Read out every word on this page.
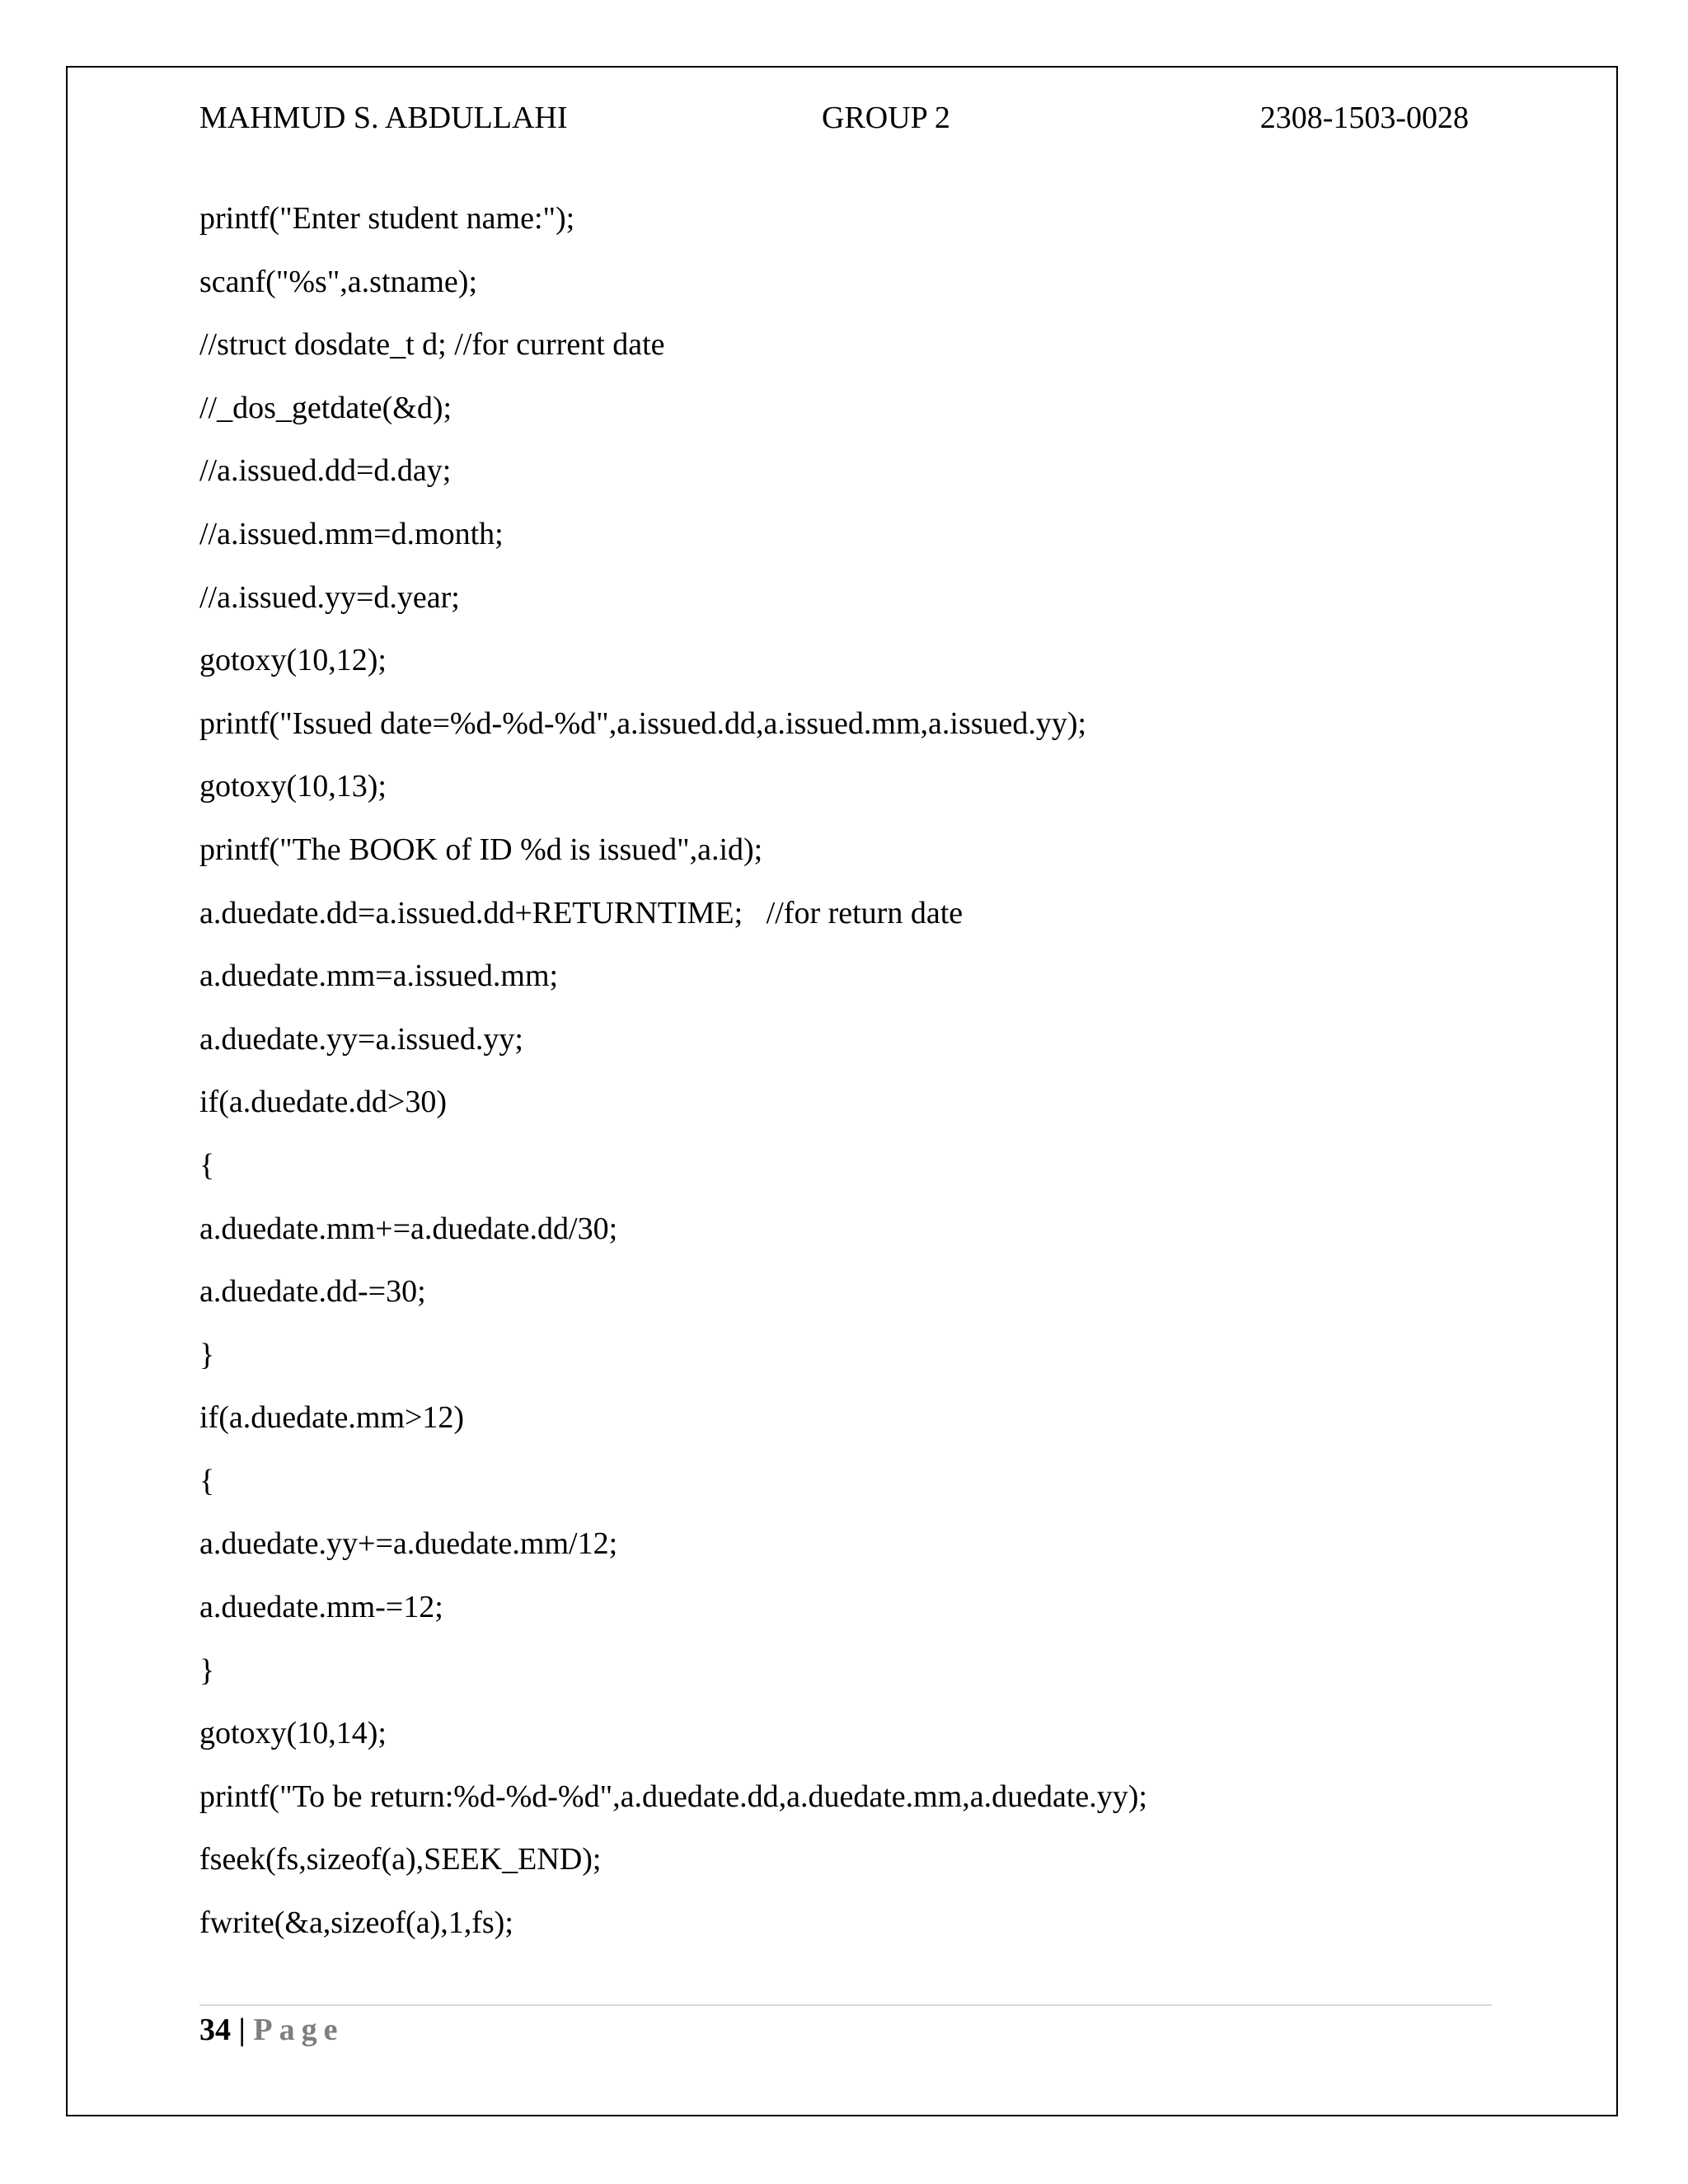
MAHMUD S. ABDULLAHI	GROUP 2	2308-1503-0028
printf("Enter student name:");
scanf("%s",a.stname);
//struct dosdate_t d; //for current date
//_dos_getdate(&d);
//a.issued.dd=d.day;
//a.issued.mm=d.month;
//a.issued.yy=d.year;
gotoxy(10,12);
printf("Issued date=%d-%d-%d",a.issued.dd,a.issued.mm,a.issued.yy);
gotoxy(10,13);
printf("The BOOK of ID %d is issued",a.id);
a.duedate.dd=a.issued.dd+RETURNTIME;   //for return date
a.duedate.mm=a.issued.mm;
a.duedate.yy=a.issued.yy;
if(a.duedate.dd>30)
{
a.duedate.mm+=a.duedate.dd/30;
a.duedate.dd-=30;
}
if(a.duedate.mm>12)
{
a.duedate.yy+=a.duedate.mm/12;
a.duedate.mm-=12;
}
gotoxy(10,14);
printf("To be return:%d-%d-%d",a.duedate.dd,a.duedate.mm,a.duedate.yy);
fseek(fs,sizeof(a),SEEK_END);
fwrite(&a,sizeof(a),1,fs);
34 | Page
